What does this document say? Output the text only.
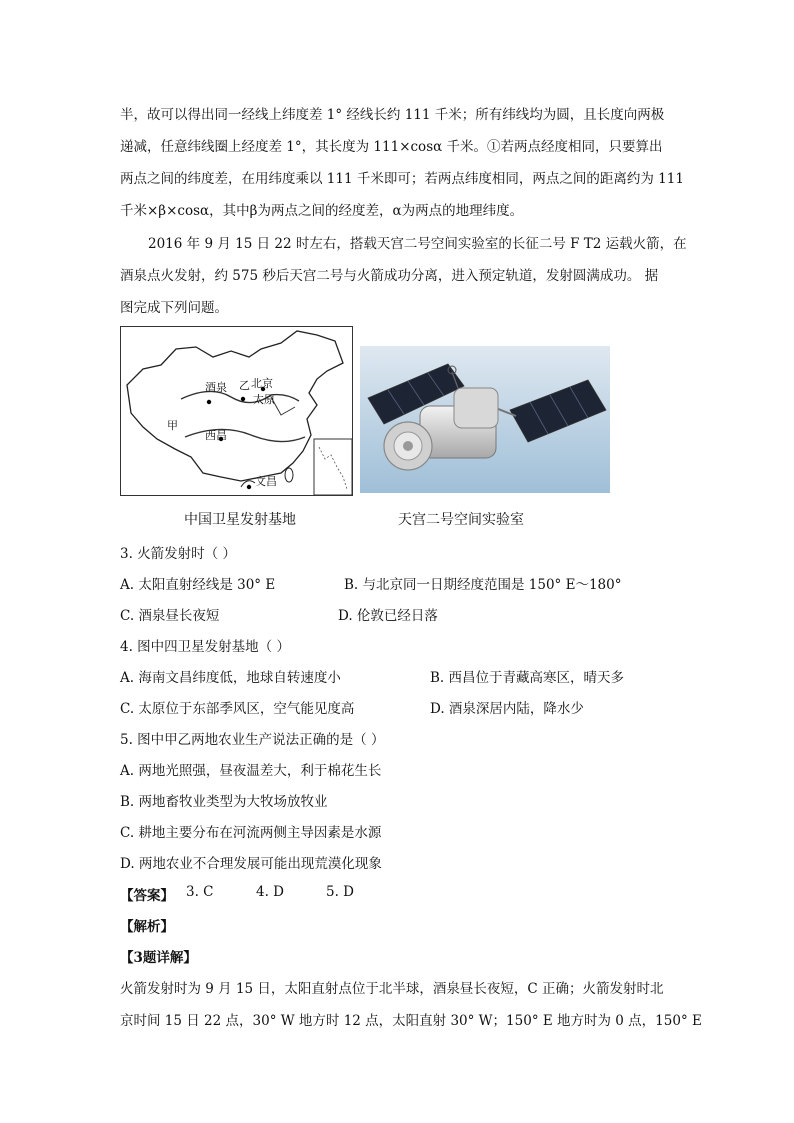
半，故可以得出同一经线上纬度差 1° 经线长约 111 千米；所有纬线均为圆，且长度向两极
递减，任意纬线圈上经度差 1°，其长度为 111×cosα 千米。①若两点经度相同，只要算出
两点之间的纬度差，在用纬度乘以 111 千米即可；若两点纬度相同，两点之间的距离约为 111
千米×β×cosα，其中β为两点之间的经度差，α为两点的地理纬度。
2016 年 9 月 15 日 22 时左右，搭载天宫二号空间实验室的长征二号 F T2 运载火箭，在
酒泉点火发射，约 575 秒后天宫二号与火箭成功分离，进入预定轨道，发射圆满成功。 据
图完成下列问题。
酒泉 乙 北京
太原
甲
西昌
文昌
中国卫星发射基地	天宫二号空间实验室
3. 火箭发射时（ ）
A. 太阳直射经线是 30° E	B. 与北京同一日期经度范围是 150° E～180°
C. 酒泉昼长夜短	D. 伦敦已经日落
4. 图中四卫星发射基地（ ）
A. 海南文昌纬度低，地球自转速度小	B. 西昌位于青藏高寒区，晴天多
C. 太原位于东部季风区，空气能见度高	D. 酒泉深居内陆，降水少
5. 图中甲乙两地农业生产说法正确的是（ ）
A. 两地光照强，昼夜温差大，利于棉花生长
B. 两地畜牧业类型为大牧场放牧业
C. 耕地主要分布在河流两侧主导因素是水源
D. 两地农业不合理发展可能出现荒漠化现象
【答案】 3. C	4. D	5. D
【解析】
【3题详解】
火箭发射时为 9 月 15 日，太阳直射点位于北半球，酒泉昼长夜短，C 正确；火箭发射时北
京时间 15 日 22 点，30° W 地方时 12 点，太阳直射 30° W；150° E 地方时为 0 点，150° E
